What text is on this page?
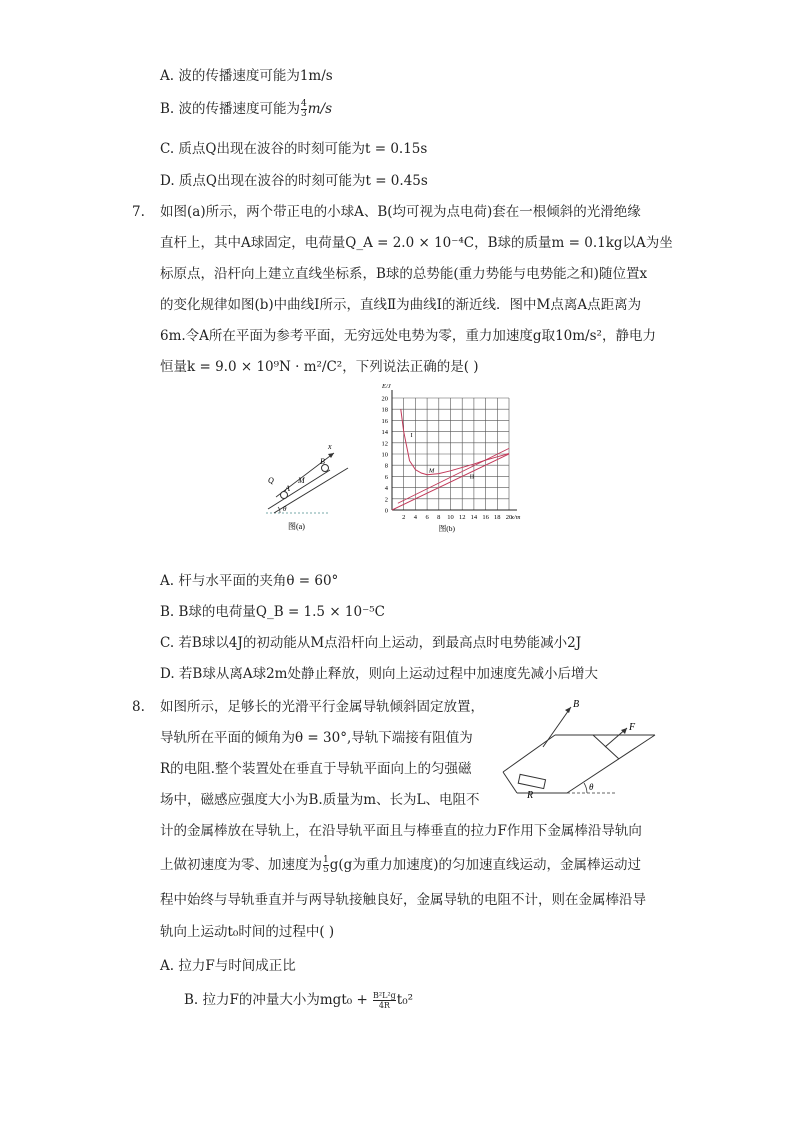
A. 波的传播速度可能为1m/s
B. 波的传播速度可能为 $\frac{4}{3} m/s$
C. 质点Q出现在波谷的时刻可能为t = 0.15s
D. 质点Q出现在波谷的时刻可能为t = 0.45s
7. 如图(a)所示，两个带正电的小球A、B(均可视为点电荷)套在一根倾斜的光滑绝缘
直杆上，其中A球固定，电荷量Q_A = 2.0 × 10⁻⁴C，B球的质量m = 0.1kg以A为坐
标原点，沿杆向上建立直线坐标系，B球的总势能(重力势能与电势能之和)随位置x
的变化规律如图(b)中曲线I所示，直线Ⅱ为曲线I的渐近线．图中M点离A点距离为
6m.令A所在平面为参考平面，无穷远处电势为零，重力加速度g取10m/s²，静电力
恒量k = 9.0 × 10⁹N · m²/C²，下列说法正确的是( )
x
B
M
Q
A
θ
图(a)
20
18
16
14
12
10
8
6
4
2
0
2 4 6 8 10 12 14 16 18 20
E/J
x/m
I
M
II
图(b)
A. 杆与水平面的夹角θ = 60°
B. B球的电荷量Q_B = 1.5 × 10⁻⁵C
C. 若B球以4J的初动能从M点沿杆向上运动，到最高点时电势能减小2J
D. 若B球从离A球2m处静止释放，则向上运动过程中加速度先减小后增大
8. 如图所示，足够长的光滑平行金属导轨倾斜固定放置，
导轨所在平面的倾角为θ = 30°,导轨下端接有阻值为
R的电阻.整个装置处在垂直于导轨平面向上的匀强磁
场中，磁感应强度大小为B.质量为m、长为L、电阻不
计的金属棒放在导轨上，在沿导轨平面且与棒垂直的拉力F作用下金属棒沿导轨向
上做初速度为零、加速度为 $\frac{1}{5} g(g$为重力加速度)的匀加速直线运动，金属棒运动过
程中始终与导轨垂直并与两导轨接触良好，金属导轨的电阻不计，则在金属棒沿导
轨向上运动t₀时间的过程中( )
A. 拉力F与时间成正比
B. 拉力F的冲量大小为$mgt_0 + \frac{\text{B²L²g}}{4R} t_0^2$
B
F
R
θ
